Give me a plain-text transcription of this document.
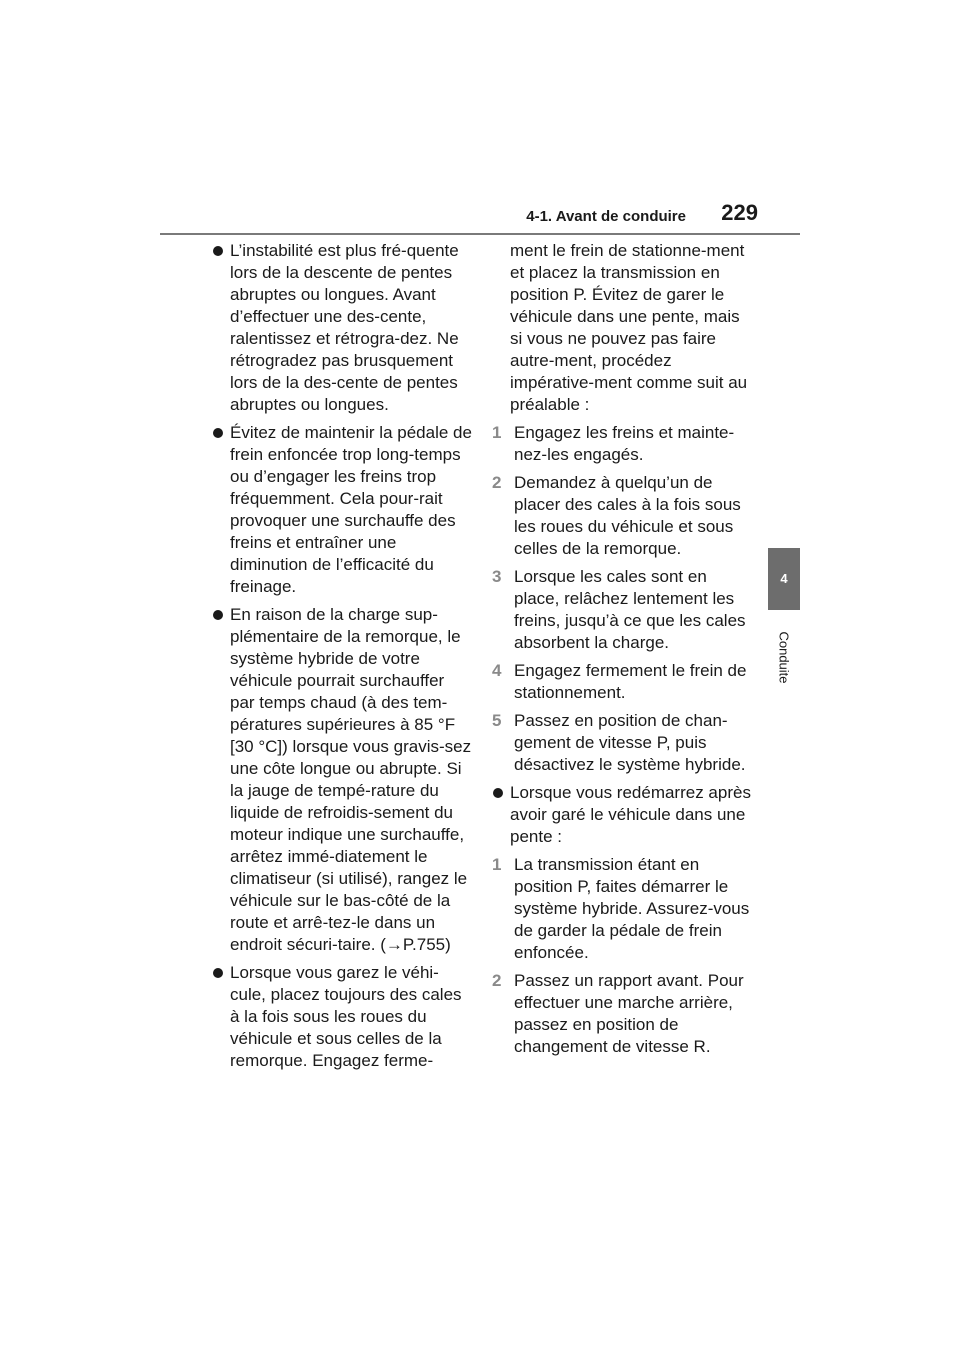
4-1. Avant de conduire 229
4
Conduite
L’instabilité est plus fré-quente lors de la descente de pentes abruptes ou longues. Avant d’effectuer une des-cente, ralentissez et rétrogra-dez. Ne rétrogradez pas brusquement lors de la des-cente de pentes abruptes ou longues.
Évitez de maintenir la pédale de frein enfoncée trop long-temps ou d’engager les freins trop fréquemment. Cela pour-rait provoquer une surchauffe des freins et entraîner une diminution de l’efficacité du freinage.
En raison de la charge sup-plémentaire de la remorque, le système hybride de votre véhicule pourrait surchauffer par temps chaud (à des tem-pératures supérieures à 85 °F [30 °C]) lorsque vous gravis-sez une côte longue ou abrupte. Si la jauge de tempé-rature du liquide de refroidis-sement du moteur indique une surchauffe, arrêtez immé-diatement le climatiseur (si utilisé), rangez le véhicule sur le bas-côté de la route et arrê-tez-le dans un endroit sécuri-taire. (→P.755)
Lorsque vous garez le véhi-cule, placez toujours des cales à la fois sous les roues du véhicule et sous celles de la remorque. Engagez ferme-
ment le frein de stationne-ment et placez la transmission en position P. Évitez de garer le véhicule dans une pente, mais si vous ne pouvez pas faire autre-ment, procédez impérative-ment comme suit au préalable :
1 Engagez les freins et mainte-nez-les engagés.
2 Demandez à quelqu’un de placer des cales à la fois sous les roues du véhicule et sous celles de la remorque.
3 Lorsque les cales sont en place, relâchez lentement les freins, jusqu’à ce que les cales absorbent la charge.
4 Engagez fermement le frein de stationnement.
5 Passez en position de chan-gement de vitesse P, puis désactivez le système hybride.
Lorsque vous redémarrez après avoir garé le véhicule dans une pente :
1 La transmission étant en position P, faites démarrer le système hybride. Assurez-vous de garder la pédale de frein enfoncée.
2 Passez un rapport avant. Pour effectuer une marche arrière, passez en position de changement de vitesse R.
